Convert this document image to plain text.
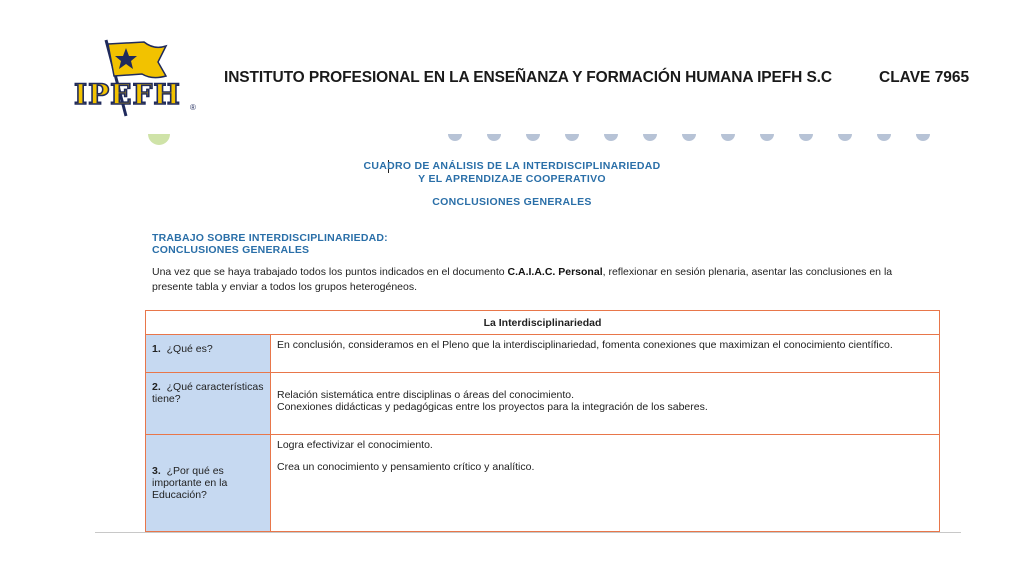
IPEFH ®
INSTITUTO PROFESIONAL EN LA ENSEÑANZA Y FORMACIÓN HUMANA IPEFH S.C	CLAVE 7965
CUADRO DE ANÁLISIS DE LA INTERDISCIPLINARIEDAD
Y EL APRENDIZAJE COOPERATIVO
CONCLUSIONES GENERALES
TRABAJO SOBRE INTERDISCIPLINARIEDAD:
CONCLUSIONES GENERALES
Una vez que se haya trabajado todos los puntos indicados en el documento C.A.I.A.C. Personal, reflexionar en sesión plenaria, asentar las conclusiones en la presente tabla y enviar a todos los grupos heterogéneos.
La Interdisciplinariedad	
1. ¿Qué es?	En conclusión, consideramos en el Pleno que la interdisciplinariedad, fomenta conexiones que maximizan el conocimiento científico.

2. ¿Qué características tiene?	Relación sistemática entre disciplinas o áreas del conocimiento.
Conexiones didácticas y pedagógicas entre los proyectos para la integración de los saberes.

3. ¿Por qué es importante en la Educación?	Logra efectivizar el conocimiento.
Crea un conocimiento y pensamiento crítico y analítico.
